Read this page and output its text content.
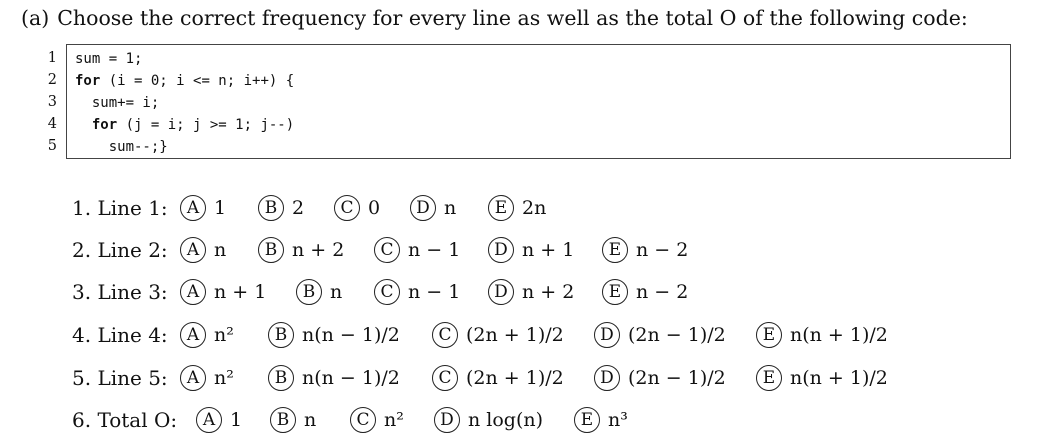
(a) Choose the correct frequency for every line as well as the total O of the following code:
1
2
3
4
5
sum = 1;
for (i = 0; i <= n; i++) {
sum+= i;
for (j = i; j >= 1; j--)
sum--;}
1. Line 1:	A 1	B 2	C 0	D n	E 2n
2. Line 2:	A n	B n + 2	C n − 1	D n + 1	E n − 2
3. Line 3:	A n + 1	B n	C n − 1	D n + 2	E n − 2
4. Line 4:	A n²	B n(n − 1)/2	C (2n + 1)/2	D (2n − 1)/2	E n(n + 1)/2
5. Line 5:	A n²	B n(n − 1)/2	C (2n + 1)/2	D (2n − 1)/2	E n(n + 1)/2
6. Total O:	A 1	B n	C n²	D n log(n)	E n³
